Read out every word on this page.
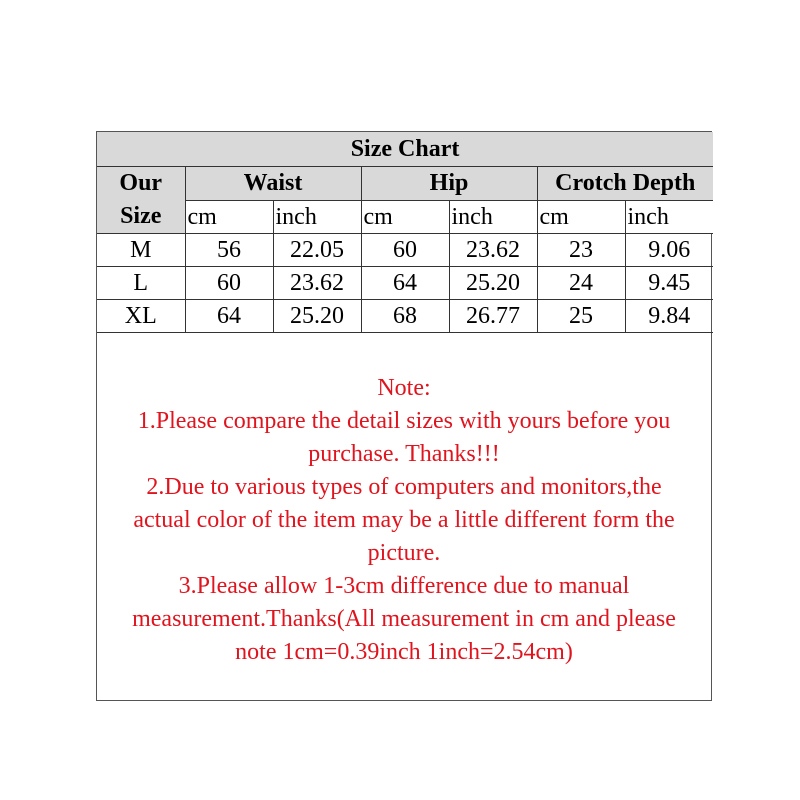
Size Chart						

Our
Size	Waist		Hip		Crotch Depth	
	cm	inch	cm	inch	cm	inch
M	56	22.05	60	23.62	23	9.06
L	60	23.62	64	25.20	24	9.45
XL	64	25.20	68	26.77	25	9.84
Note:
1.Please compare the detail sizes with yours before you
purchase. Thanks!!!
2.Due to various types of computers and monitors,the
actual color of the item may be a little different form the
picture.
3.Please allow 1-3cm difference due to manual
measurement.Thanks(All measurement in cm and please
note 1cm=0.39inch 1inch=2.54cm)
